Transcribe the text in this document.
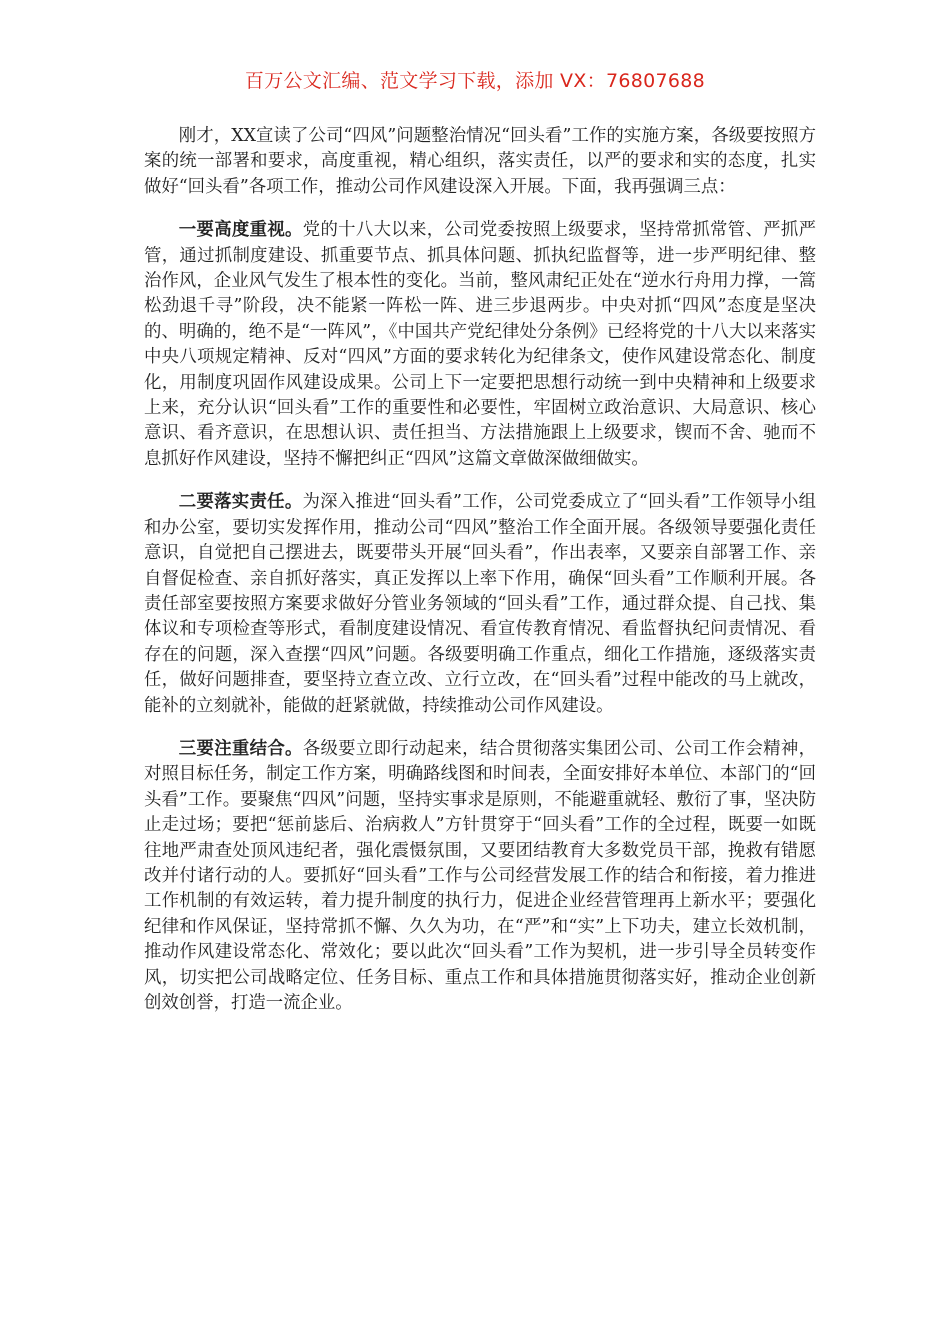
百万公文汇编、范文学习下载，添加 VX：76807688

刚才，XX宣读了公司“四风”问题整治情况“回头看”工作的实施方案，各级要按照方案的统一部署和要求，高度重视，精心组织，落实责任，以严的要求和实的态度，扎实做好“回头看”各项工作，推动公司作风建设深入开展。下面，我再强调三点：

一要高度重视。党的十八大以来，公司党委按照上级要求，坚持常抓常管、严抓严管，通过抓制度建设、抓重要节点、抓具体问题、抓执纪监督等，进一步严明纪律、整治作风，企业风气发生了根本性的变化。当前，整风肃纪正处在“逆水行舟用力撑，一篙松劲退千寻”阶段，决不能紧一阵松一阵、进三步退两步。中央对抓“四风”态度是坚决的、明确的，绝不是“一阵风”，《中国共产党纪律处分条例》已经将党的十八大以来落实中央八项规定精神、反对“四风”方面的要求转化为纪律条文，使作风建设常态化、制度化，用制度巩固作风建设成果。公司上下一定要把思想行动统一到中央精神和上级要求上来，充分认识“回头看”工作的重要性和必要性，牢固树立政治意识、大局意识、核心意识、看齐意识，在思想认识、责任担当、方法措施跟上上级要求，锲而不舍、驰而不息抓好作风建设，坚持不懈把纠正“四风”这篇文章做深做细做实。

二要落实责任。为深入推进“回头看”工作，公司党委成立了“回头看”工作领导小组和办公室，要切实发挥作用，推动公司“四风”整治工作全面开展。各级领导要强化责任意识，自觉把自己摆进去，既要带头开展“回头看”，作出表率，又要亲自部署工作、亲自督促检查、亲自抓好落实，真正发挥以上率下作用，确保“回头看”工作顺利开展。各责任部室要按照方案要求做好分管业务领域的“回头看”工作，通过群众提、自己找、集体议和专项检查等形式，看制度建设情况、看宣传教育情况、看监督执纪问责情况、看存在的问题，深入查摆“四风”问题。各级要明确工作重点，细化工作措施，逐级落实责任，做好问题排查，要坚持立查立改、立行立改，在“回头看”过程中能改的马上就改，能补的立刻就补，能做的赶紧就做，持续推动公司作风建设。

三要注重结合。各级要立即行动起来，结合贯彻落实集团公司、公司工作会精神，对照目标任务，制定工作方案，明确路线图和时间表，全面安排好本单位、本部门的“回头看”工作。要聚焦“四风”问题，坚持实事求是原则，不能避重就轻、敷衍了事，坚决防止走过场；要把“惩前毖后、治病救人”方针贯穿于“回头看”工作的全过程，既要一如既往地严肃查处顶风违纪者，强化震慑氛围，又要团结教育大多数党员干部，挽救有错愿改并付诸行动的人。要抓好“回头看”工作与公司经营发展工作的结合和衔接，着力推进工作机制的有效运转，着力提升制度的执行力，促进企业经营管理再上新水平；要强化纪律和作风保证，坚持常抓不懈、久久为功，在“严”和“实”上下功夫，建立长效机制，推动作风建设常态化、常效化；要以此次“回头看”工作为契机，进一步引导全员转变作风，切实把公司战略定位、任务目标、重点工作和具体措施贯彻落实好，推动企业创新创效创誉，打造一流企业。
